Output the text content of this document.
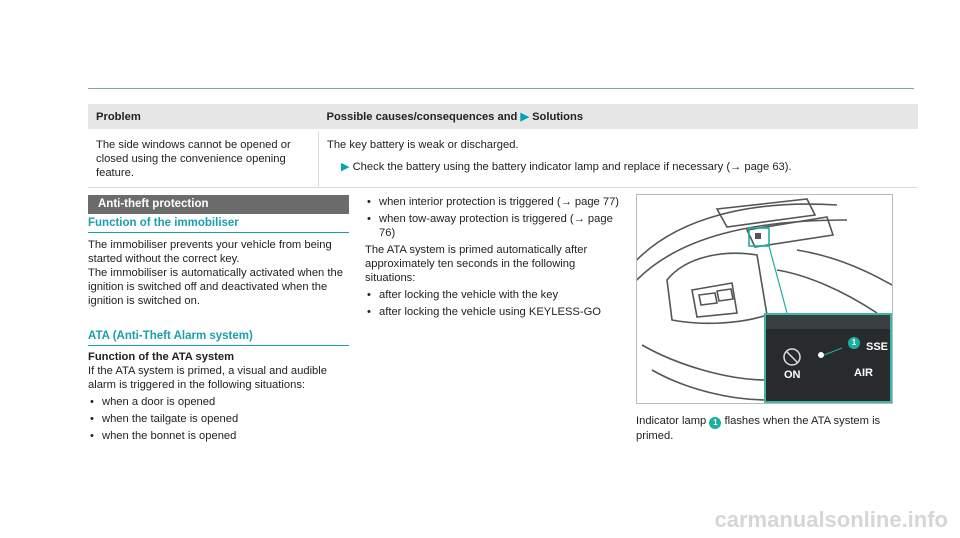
Problem	Possible causes/consequences and ▶ Solutions
The side windows cannot be opened or closed using the convenience opening feature.	The key battery is weak or discharged.
▶ Check the battery using the battery indicator lamp and replace if necessary (→ page 63).
Anti-theft protection
Function of the immobiliser
The immobiliser prevents your vehicle from being started without the correct key.
The immobiliser is automatically activated when the ignition is switched off and deactivated when the ignition is switched on.
ATA (Anti-Theft Alarm system)
Function of the ATA system
If the ATA system is primed, a visual and audible alarm is triggered in the following situations:
• when a door is opened
• when the tailgate is opened
• when the bonnet is opened
• when interior protection is triggered (→ page 77)
• when tow-away protection is triggered (→ page 76)
The ATA system is primed automatically after approximately ten seconds in the following situations:
• after locking the vehicle with the key
• after locking the vehicle using KEYLESS-GO
1
ON
SSE
AIR
Indicator lamp 1 flashes when the ATA system is primed.
carmanualsonline.info
